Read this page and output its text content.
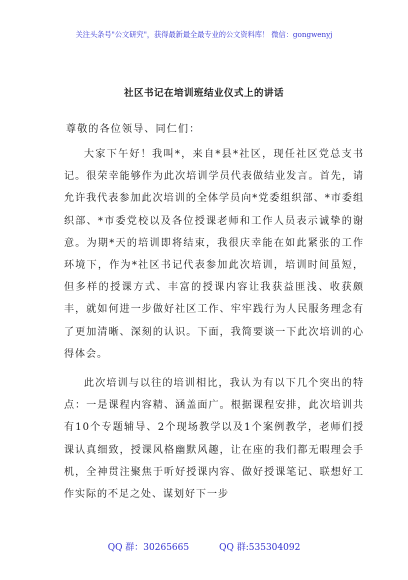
关注头条号"公文研究"，获得最新最全最专业的公文资料库！ 微信：gongwenyj
社区书记在培训班结业仪式上的讲话
尊敬的各位领导、同仁们：

大家下午好！我叫*，来自*县*社区，现任社区党总支书记。很荣幸能够作为此次培训学员代表做结业发言。首先，请允许我代表参加此次培训的全体学员向*党委组织部、*市委组织部、*市委党校以及各位授课老师和工作人员表示诚挚的谢意。为期*天的培训即将结束，我很庆幸能在如此紧张的工作环境下，作为*社区书记代表参加此次培训，培训时间虽短，但多样的授课方式、丰富的授课内容让我获益匪浅、收获颇丰，就如何进一步做好社区工作、牢牢践行为人民服务理念有了更加清晰、深刻的认识。下面，我简要谈一下此次培训的心得体会。

此次培训与以往的培训相比，我认为有以下几个突出的特点：一是课程内容精、涵盖面广。根据课程安排，此次培训共有10个专题辅导、2个现场教学以及1个案例教学，老师们授课认真细致，授课风格幽默风趣，让在座的我们都无暇理会手机，全神贯注聚焦于听好授课内容、做好授课笔记、联想好工作实际的不足之处、谋划好下一步

QQ 群：30265665	QQ 群:535304092
